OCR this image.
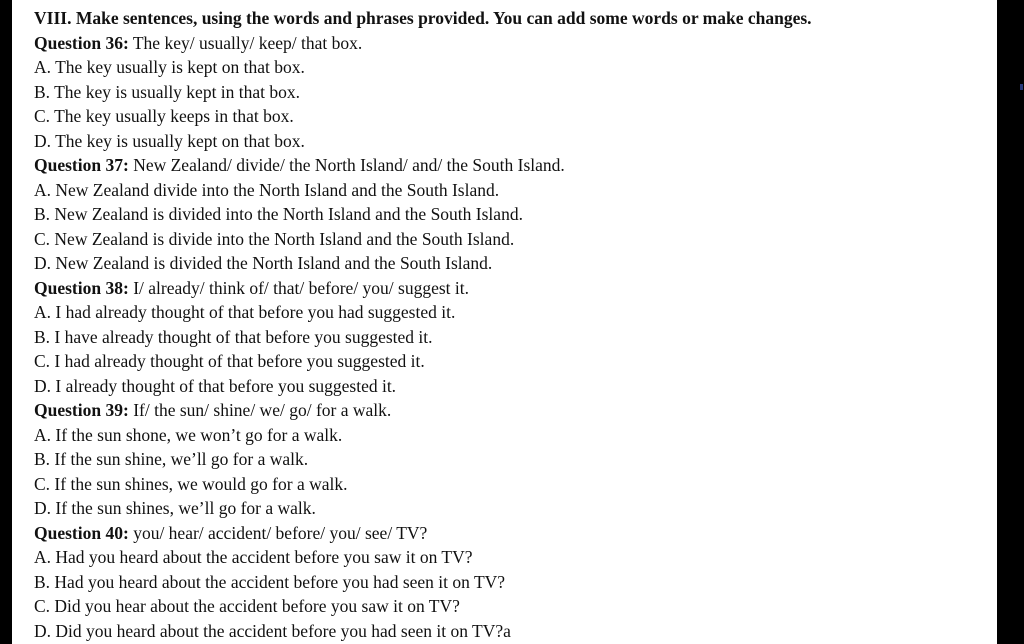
VIII. Make sentences, using the words and phrases provided. You can add some words or make changes.
Question 36: The key/ usually/ keep/ that box.
A. The key usually is kept on that box.
B. The key is usually kept in that box.
C. The key usually keeps in that box.
D. The key is usually kept on that box.
Question 37: New Zealand/ divide/ the North Island/ and/ the South Island.
A. New Zealand divide into the North Island and the South Island.
B. New Zealand is divided into the North Island and the South Island.
C. New Zealand is divide into the North Island and the South Island.
D. New Zealand is divided the North Island and the South Island.
Question 38: I/ already/ think of/ that/ before/ you/ suggest it.
A. I had already thought of that before you had suggested it.
B. I have already thought of that before you suggested it.
C. I had already thought of that before you suggested it.
D. I already thought of that before you suggested it.
Question 39: If/ the sun/ shine/ we/ go/ for a walk.
A. If the sun shone, we won’t go for a walk.
B. If the sun shine, we’ll go for a walk.
C. If the sun shines, we would go for a walk.
D. If the sun shines, we’ll go for a walk.
Question 40: you/ hear/ accident/ before/ you/ see/ TV?
A. Had you heard about the accident before you saw it on TV?
B. Had you heard about the accident before you had seen it on TV?
C. Did you hear about the accident before you saw it on TV?
D. Did you heard about the accident before you had seen it on TV?a
